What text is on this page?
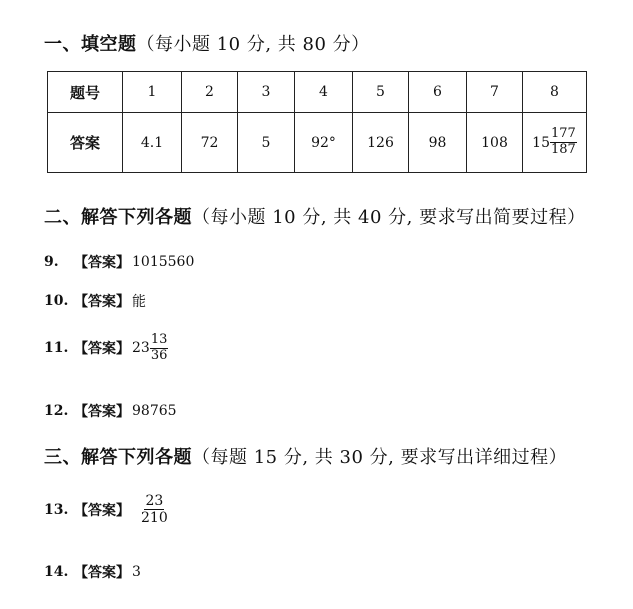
一、填空题（每小题 10 分, 共 80 分）
题号	1	2	3	4	5	6	7	8
答案	4.1	72	5	92°	126	98	108	$15 \frac{177}{187}$
二、解答下列各题（每小题 10 分, 共 40 分, 要求写出简要过程）
9.	【答案】 1015560
10. 【答案】 能
11. 【答案】 $23 \frac{13}{36}$
12. 【答案】 98765
三、解答下列各题（每题 15 分, 共 30 分, 要求写出详细过程）
13. 【答案】 $\frac{23}{210}$
14. 【答案】 3
